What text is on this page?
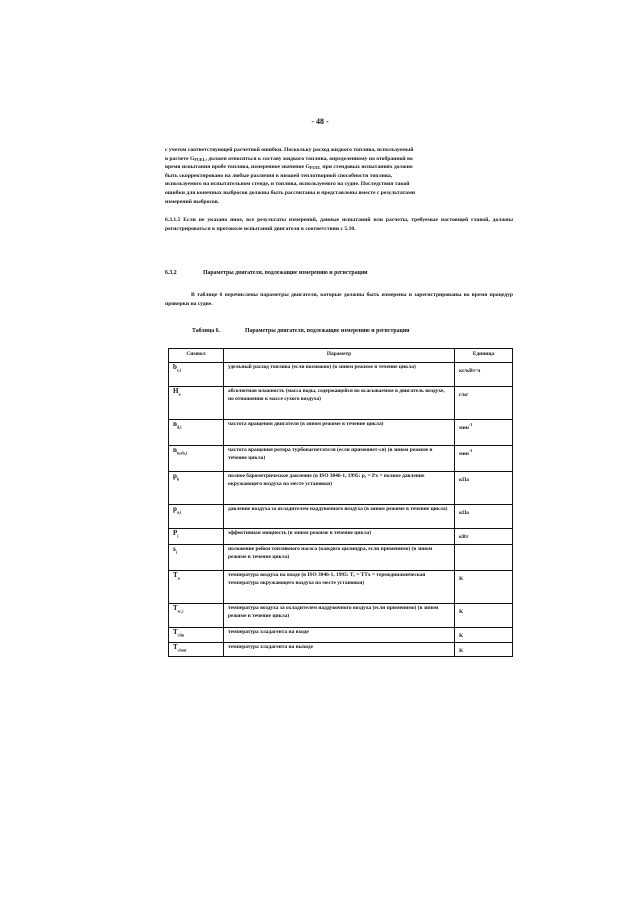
- 48 -
с учетом соответствующей расчетной ошибки. Поскольку расход жидкого топлива, используемый
в расчете $G_{FUEL}$, должен относиться к составу жидкого топлива, определенному по отобранной во
время испытания пробе топлива, измеренное значение $G_{FUEL}$ при стендовых испытаниях должно
быть скорректировано на любые различия в низшей теплотворной способности топлива,
используемого на испытательном стенде, и топлива, используемого на судне. Последствия такой
ошибки для конечных выбросов должны быть рассчитаны и представлены вместе с результатами
измерений выбросов.
6.3.1.5 Если не указано иное, все результаты измерений, данные испытаний или расчеты, требуемые настоящей главой, должны регистрироваться в протоколе испытаний двигателя в соответствии с 5.10.
6.3.2	Параметры двигателя, подлежащие измерению и регистрации
В таблице 6 перечислены параметры двигателя, которые должны быть измерены и зарегистрированы во время процедур проверки на судне.
Таблица 6.	Параметры двигателя, подлежащие измерению и регистрации
Символ	Параметр	Единица
$b_{e,i}$	удельный расход топлива (если возможно) (в знном режиме в течение цикла)	кг/кВт·ч
$H_a$	абсолютная влажность (масса воды, содержащейся во всасываемом в двигатель воздухе, по отношению к массе сухого воздуха)	г/кг
$n_{d,i}$	частота вращения двигателя (в знном режиме в течение цикла)	мин$^{-1}$
$n_{turb,i}$	частота вращения ротора турбонагнетателя (если применяет-ся) (в знном режиме в течение цикла)	мин$^{-1}$
$p_b$	полное барометрическое давление (в ISO 3046-1, 1995: pₓ = Px = полное давление окружающего воздуха на месте установки)	кПа
$p_{a,i}$	давление воздуха за охладителем наддувочного воздуха (в знном режиме в течение цикла)	кПа
$P_i$	эффективная мощность (в знном режиме в течение цикла)	кВт
$s_i$	положение рейки топливного насоса (каждого цилиндра, если применимо) (в знном режиме в течение цикла)	
$T_a$	температура воздуха на входе (в ISO 3046-1, 1995: Tₓ = TTx = термодинамическая температура окружающего воздуха на месте установки)	K
$T_{sc,i}$	температура воздуха за охладителем наддувочного воздуха (если применимо) (в знном режиме в течение цикла)	K
$T_{clin}$	температура хладагента на входе	K
$T_{clout}$	температура хладагента на выходе	K
